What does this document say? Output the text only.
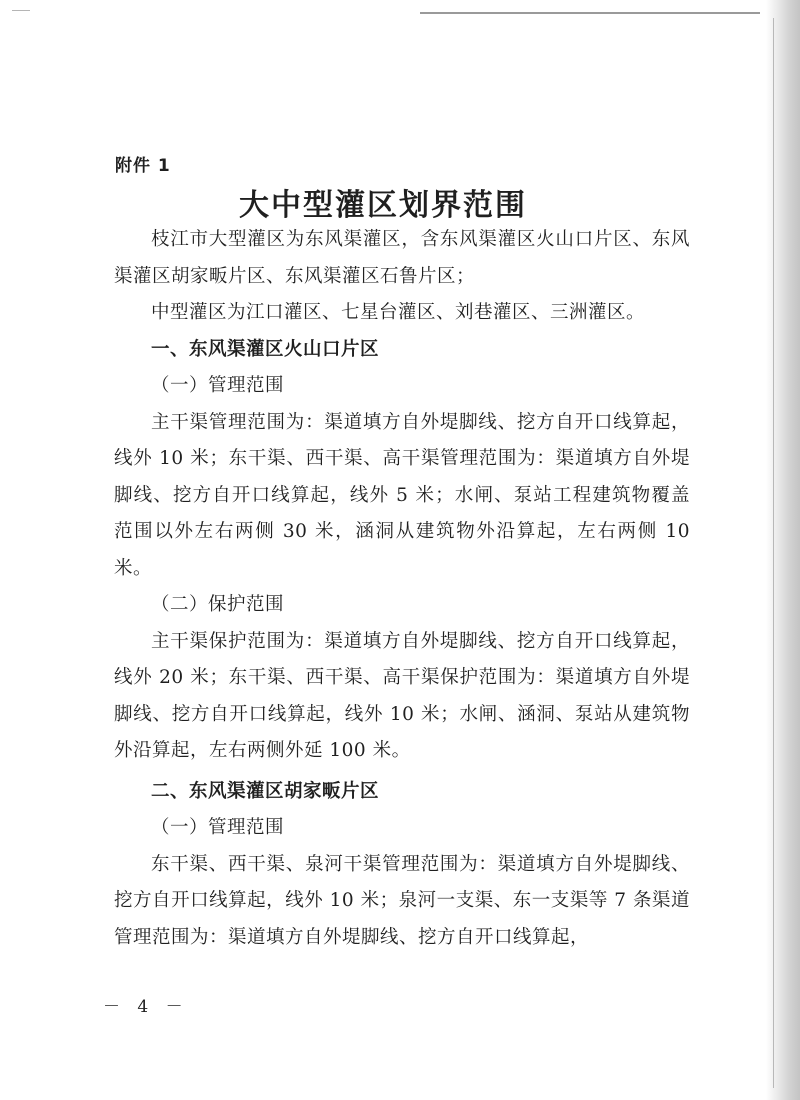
附件 1
大中型灌区划界范围

枝江市大型灌区为东风渠灌区，含东风渠灌区火山口片区、东风渠灌区胡家畈片区、东风渠灌区石鲁片区；

中型灌区为江口灌区、七星台灌区、刘巷灌区、三洲灌区。

一、东风渠灌区火山口片区

（一）管理范围

主干渠管理范围为：渠道填方自外堤脚线、挖方自开口线算起，线外 10 米；东干渠、西干渠、高干渠管理范围为：渠道填方自外堤脚线、挖方自开口线算起，线外 5 米；水闸、泵站工程建筑物覆盖范围以外左右两侧 30 米，涵洞从建筑物外沿算起，左右两侧 10 米。

（二）保护范围

主干渠保护范围为：渠道填方自外堤脚线、挖方自开口线算起，线外 20 米；东干渠、西干渠、高干渠保护范围为：渠道填方自外堤脚线、挖方自开口线算起，线外 10 米；水闸、涵洞、泵站从建筑物外沿算起，左右两侧外延 100 米。

二、东风渠灌区胡家畈片区

（一）管理范围

东干渠、西干渠、泉河干渠管理范围为：渠道填方自外堤脚线、挖方自开口线算起，线外 10 米；泉河一支渠、东一支渠等 7 条渠道管理范围为：渠道填方自外堤脚线、挖方自开口线算起，

－ 4 －
